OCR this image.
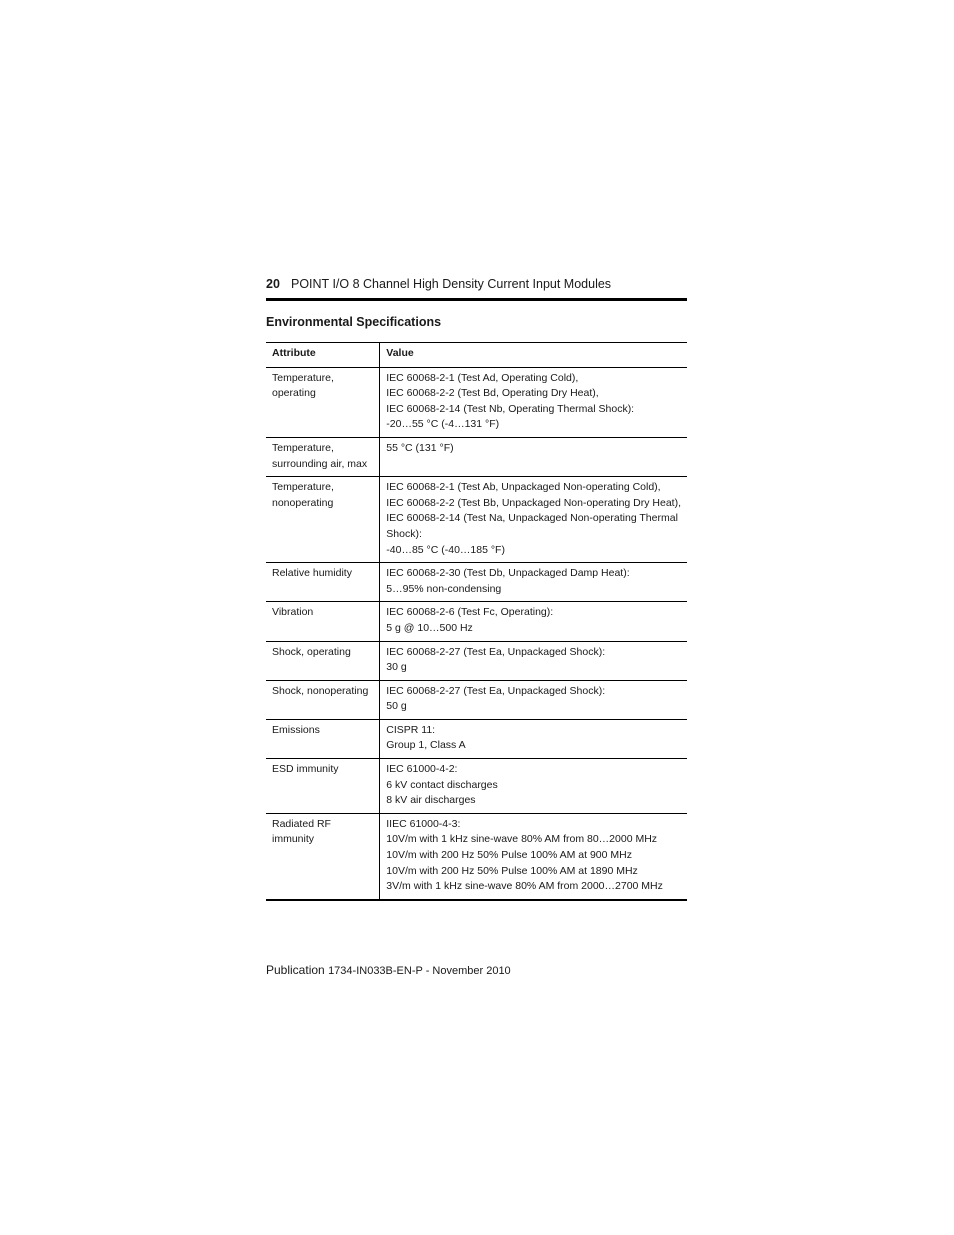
20 POINT I/O 8 Channel High Density Current Input Modules
Environmental Specifications
Attribute	Value

Temperature, operating	IEC 60068-2-1 (Test Ad, Operating Cold),
IEC 60068-2-2 (Test Bd, Operating Dry Heat),
IEC 60068-2-14 (Test Nb, Operating Thermal Shock):
-20…55 °C (-4…131 °F)

Temperature,
surrounding air, max	55 °C (131 °F)

Temperature,
nonoperating	IEC 60068-2-1 (Test Ab, Unpackaged Non-operating Cold),
IEC 60068-2-2 (Test Bb, Unpackaged Non-operating Dry Heat),
IEC 60068-2-14 (Test Na, Unpackaged Non-operating Thermal Shock):
-40…85 °C (-40…185 °F)

Relative humidity	IEC 60068-2-30 (Test Db, Unpackaged Damp Heat):
5…95% non-condensing

Vibration	IEC 60068-2-6 (Test Fc, Operating):
5 g @ 10…500 Hz

Shock, operating	IEC 60068-2-27 (Test Ea, Unpackaged Shock):
30 g

Shock, nonoperating	IEC 60068-2-27 (Test Ea, Unpackaged Shock):
50 g

Emissions	CISPR 11:
Group 1, Class A

ESD immunity	IEC 61000-4-2:
6 kV contact discharges
8 kV air discharges

Radiated RF immunity	IIEC 61000-4-3:
10V/m with 1 kHz sine-wave 80% AM from 80…2000 MHz
10V/m with 200 Hz 50% Pulse 100% AM at 900 MHz
10V/m with 200 Hz 50% Pulse 100% AM at 1890 MHz
3V/m with 1 kHz sine-wave 80% AM from 2000…2700 MHz
Publication 1734-IN033B-EN-P - November 2010
